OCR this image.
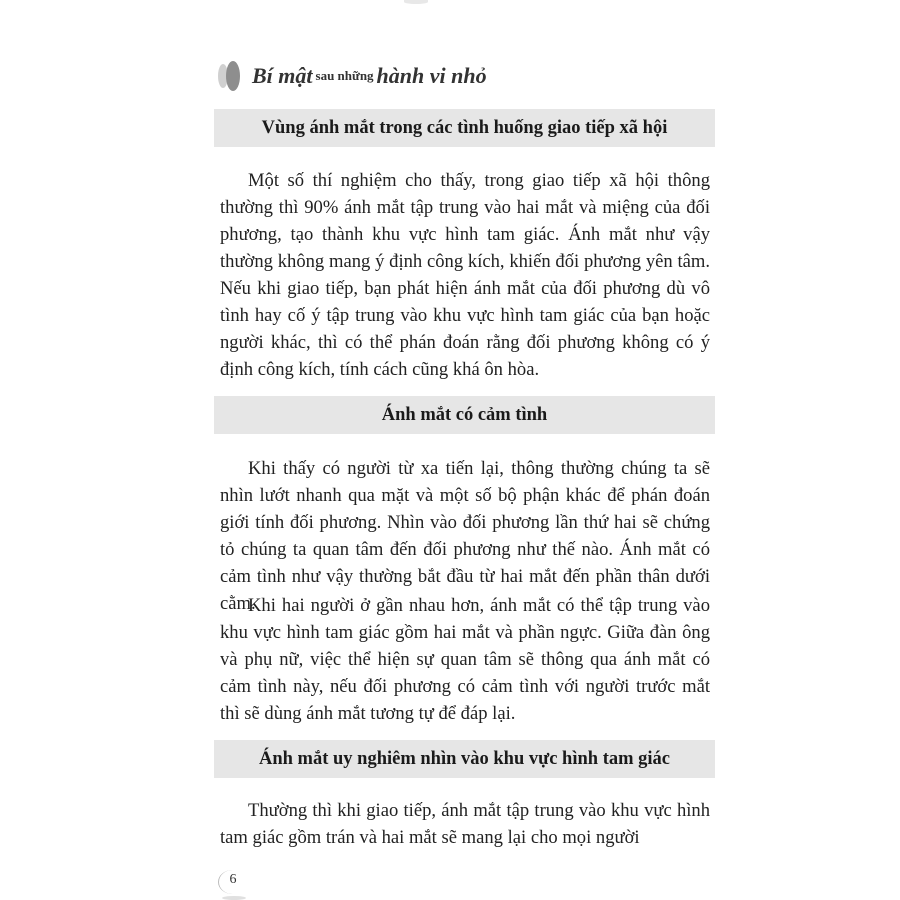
Bí mật sau những hành vi nhỏ
Vùng ánh mắt trong các tình huống giao tiếp xã hội

Một số thí nghiệm cho thấy, trong giao tiếp xã hội thông thường thì 90% ánh mắt tập trung vào hai mắt và miệng của đối phương, tạo thành khu vực hình tam giác. Ánh mắt như vậy thường không mang ý định công kích, khiến đối phương yên tâm. Nếu khi giao tiếp, bạn phát hiện ánh mắt của đối phương dù vô tình hay cố ý tập trung vào khu vực hình tam giác của bạn hoặc người khác, thì có thể phán đoán rằng đối phương không có ý định công kích, tính cách cũng khá ôn hòa.

Ánh mắt có cảm tình

Khi thấy có người từ xa tiến lại, thông thường chúng ta sẽ nhìn lướt nhanh qua mặt và một số bộ phận khác để phán đoán giới tính đối phương. Nhìn vào đối phương lần thứ hai sẽ chứng tỏ chúng ta quan tâm đến đối phương như thế nào. Ánh mắt có cảm tình như vậy thường bắt đầu từ hai mắt đến phần thân dưới cằm.

Khi hai người ở gần nhau hơn, ánh mắt có thể tập trung vào khu vực hình tam giác gồm hai mắt và phần ngực. Giữa đàn ông và phụ nữ, việc thể hiện sự quan tâm sẽ thông qua ánh mắt có cảm tình này, nếu đối phương có cảm tình với người trước mắt thì sẽ dùng ánh mắt tương tự để đáp lại.

Ánh mắt uy nghiêm nhìn vào khu vực hình tam giác

Thường thì khi giao tiếp, ánh mắt tập trung vào khu vực hình tam giác gồm trán và hai mắt sẽ mang lại cho mọi người

6
